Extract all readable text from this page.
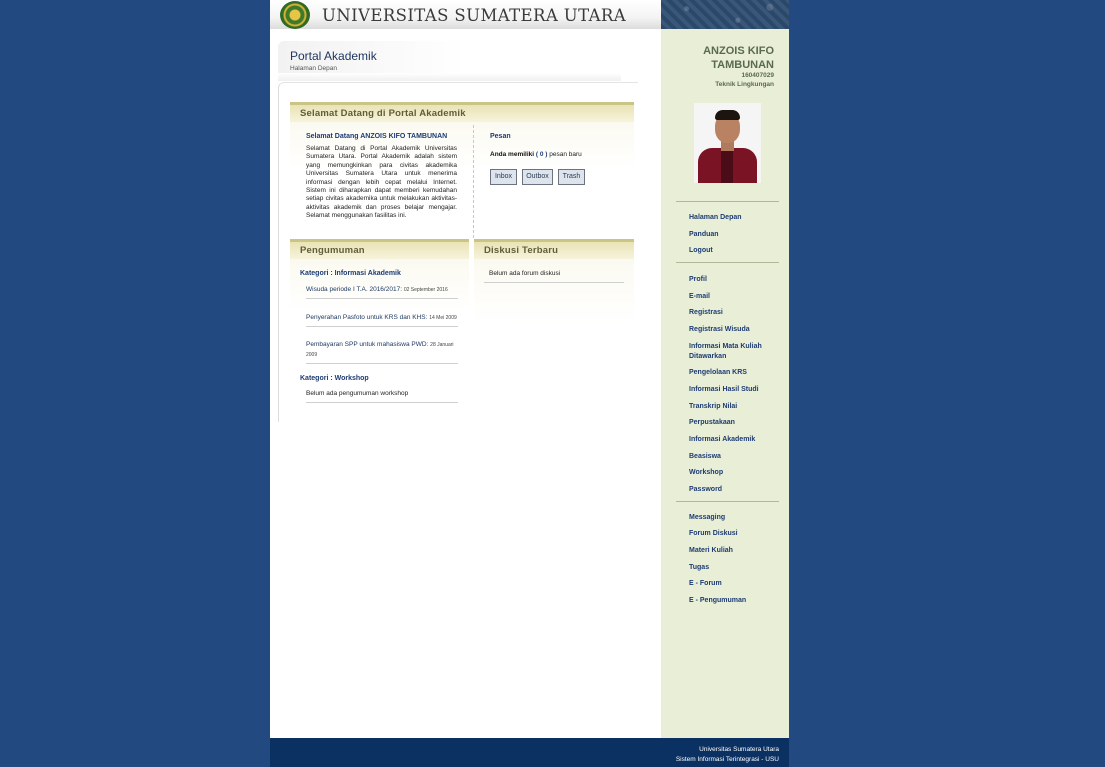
UNIVERSITAS SUMATERA UTARA
Portal Akademik
Halaman Depan
Selamat Datang di Portal Akademik
Selamat Datang ANZOIS KIFO TAMBUNAN
Selamat Datang di Portal Akademik Universitas Sumatera Utara. Portal Akademik adalah sistem yang memungkinkan para civitas akademika Universitas Sumatera Utara untuk menerima informasi dengan lebih cepat melalui Internet. Sistem ini diharapkan dapat memberi kemudahan setiap civitas akademika untuk melakukan aktivitas-aktivitas akademik dan proses belajar mengajar. Selamat menggunakan fasilitas ini.
Pesan
Anda memiliki ( 0 ) pesan baru
Inbox	Outbox	Trash
Pengumuman
Kategori : Informasi Akademik
Wisuda periode I T.A. 2016/2017: 02 September 2016
Penyerahan Pasfoto untuk KRS dan KHS: 14 Mei 2009
Pembayaran SPP untuk mahasiswa PWD: 28 Januari 2009
Kategori : Workshop
Belum ada pengumuman workshop
Diskusi Terbaru
Belum ada forum diskusi
ANZOIS KIFO
TAMBUNAN
160407029
Teknik Lingkungan
Halaman Depan
Panduan
Logout
Profil
E-mail
Registrasi
Registrasi Wisuda
Informasi Mata Kuliah Ditawarkan
Pengelolaan KRS
Informasi Hasil Studi
Transkrip Nilai
Perpustakaan
Informasi Akademik
Beasiswa
Workshop
Password
Messaging
Forum Diskusi
Materi Kuliah
Tugas
E - Forum
E - Pengumuman
Universitas Sumatera Utara
Sistem Informasi Terintegrasi - USU
